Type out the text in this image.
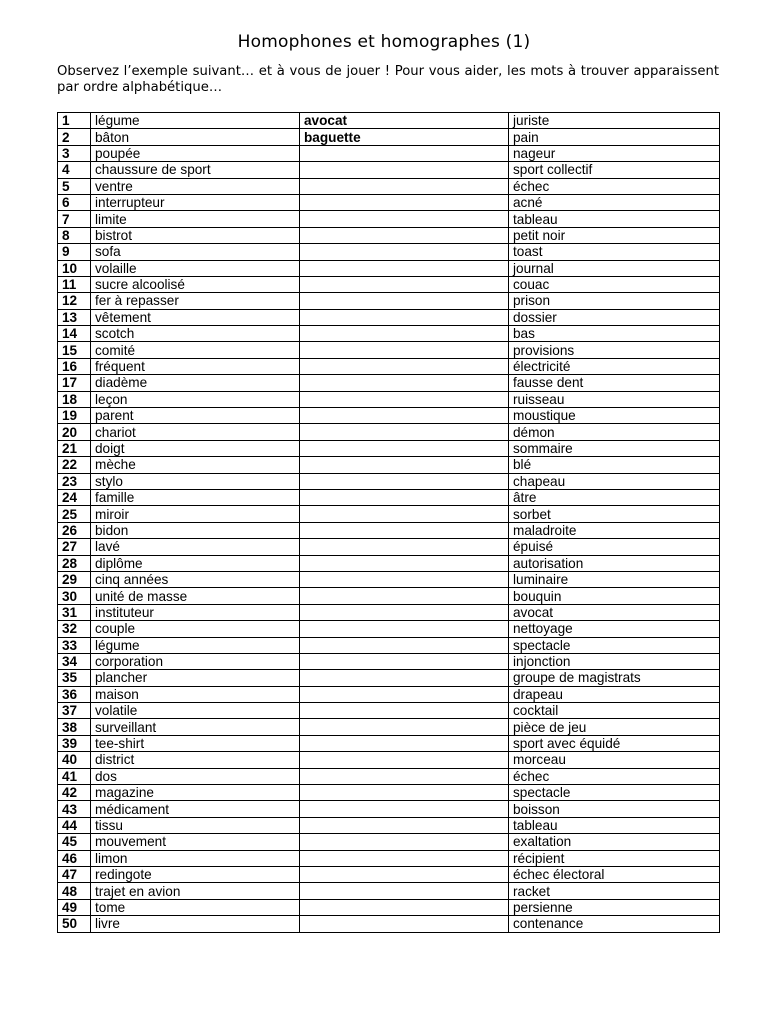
Homophones et homographes (1)
Observez l’exemple suivant… et à vous de jouer ! Pour vous aider, les mots à trouver apparaissent par ordre alphabétique…
1	légume	avocat	juriste
2	bâton	baguette	pain
3	poupée		nageur
4	chaussure de sport		sport collectif
5	ventre		échec
6	interrupteur		acné
7	limite		tableau
8	bistrot		petit noir
9	sofa		toast
10	volaille		journal
11	sucre alcoolisé		couac
12	fer à repasser		prison
13	vêtement		dossier
14	scotch		bas
15	comité		provisions
16	fréquent		électricité
17	diadème		fausse dent
18	leçon		ruisseau
19	parent		moustique
20	chariot		démon
21	doigt		sommaire
22	mèche		blé
23	stylo		chapeau
24	famille		âtre
25	miroir		sorbet
26	bidon		maladroite
27	lavé		épuisé
28	diplôme		autorisation
29	cinq années		luminaire
30	unité de masse		bouquin
31	instituteur		avocat
32	couple		nettoyage
33	légume		spectacle
34	corporation		injonction
35	plancher		groupe de magistrats
36	maison		drapeau
37	volatile		cocktail
38	surveillant		pièce de jeu
39	tee-shirt		sport avec équidé
40	district		morceau
41	dos		échec
42	magazine		spectacle
43	médicament		boisson
44	tissu		tableau
45	mouvement		exaltation
46	limon		récipient
47	redingote		échec électoral
48	trajet en avion		racket
49	tome		persienne
50	livre		contenance
